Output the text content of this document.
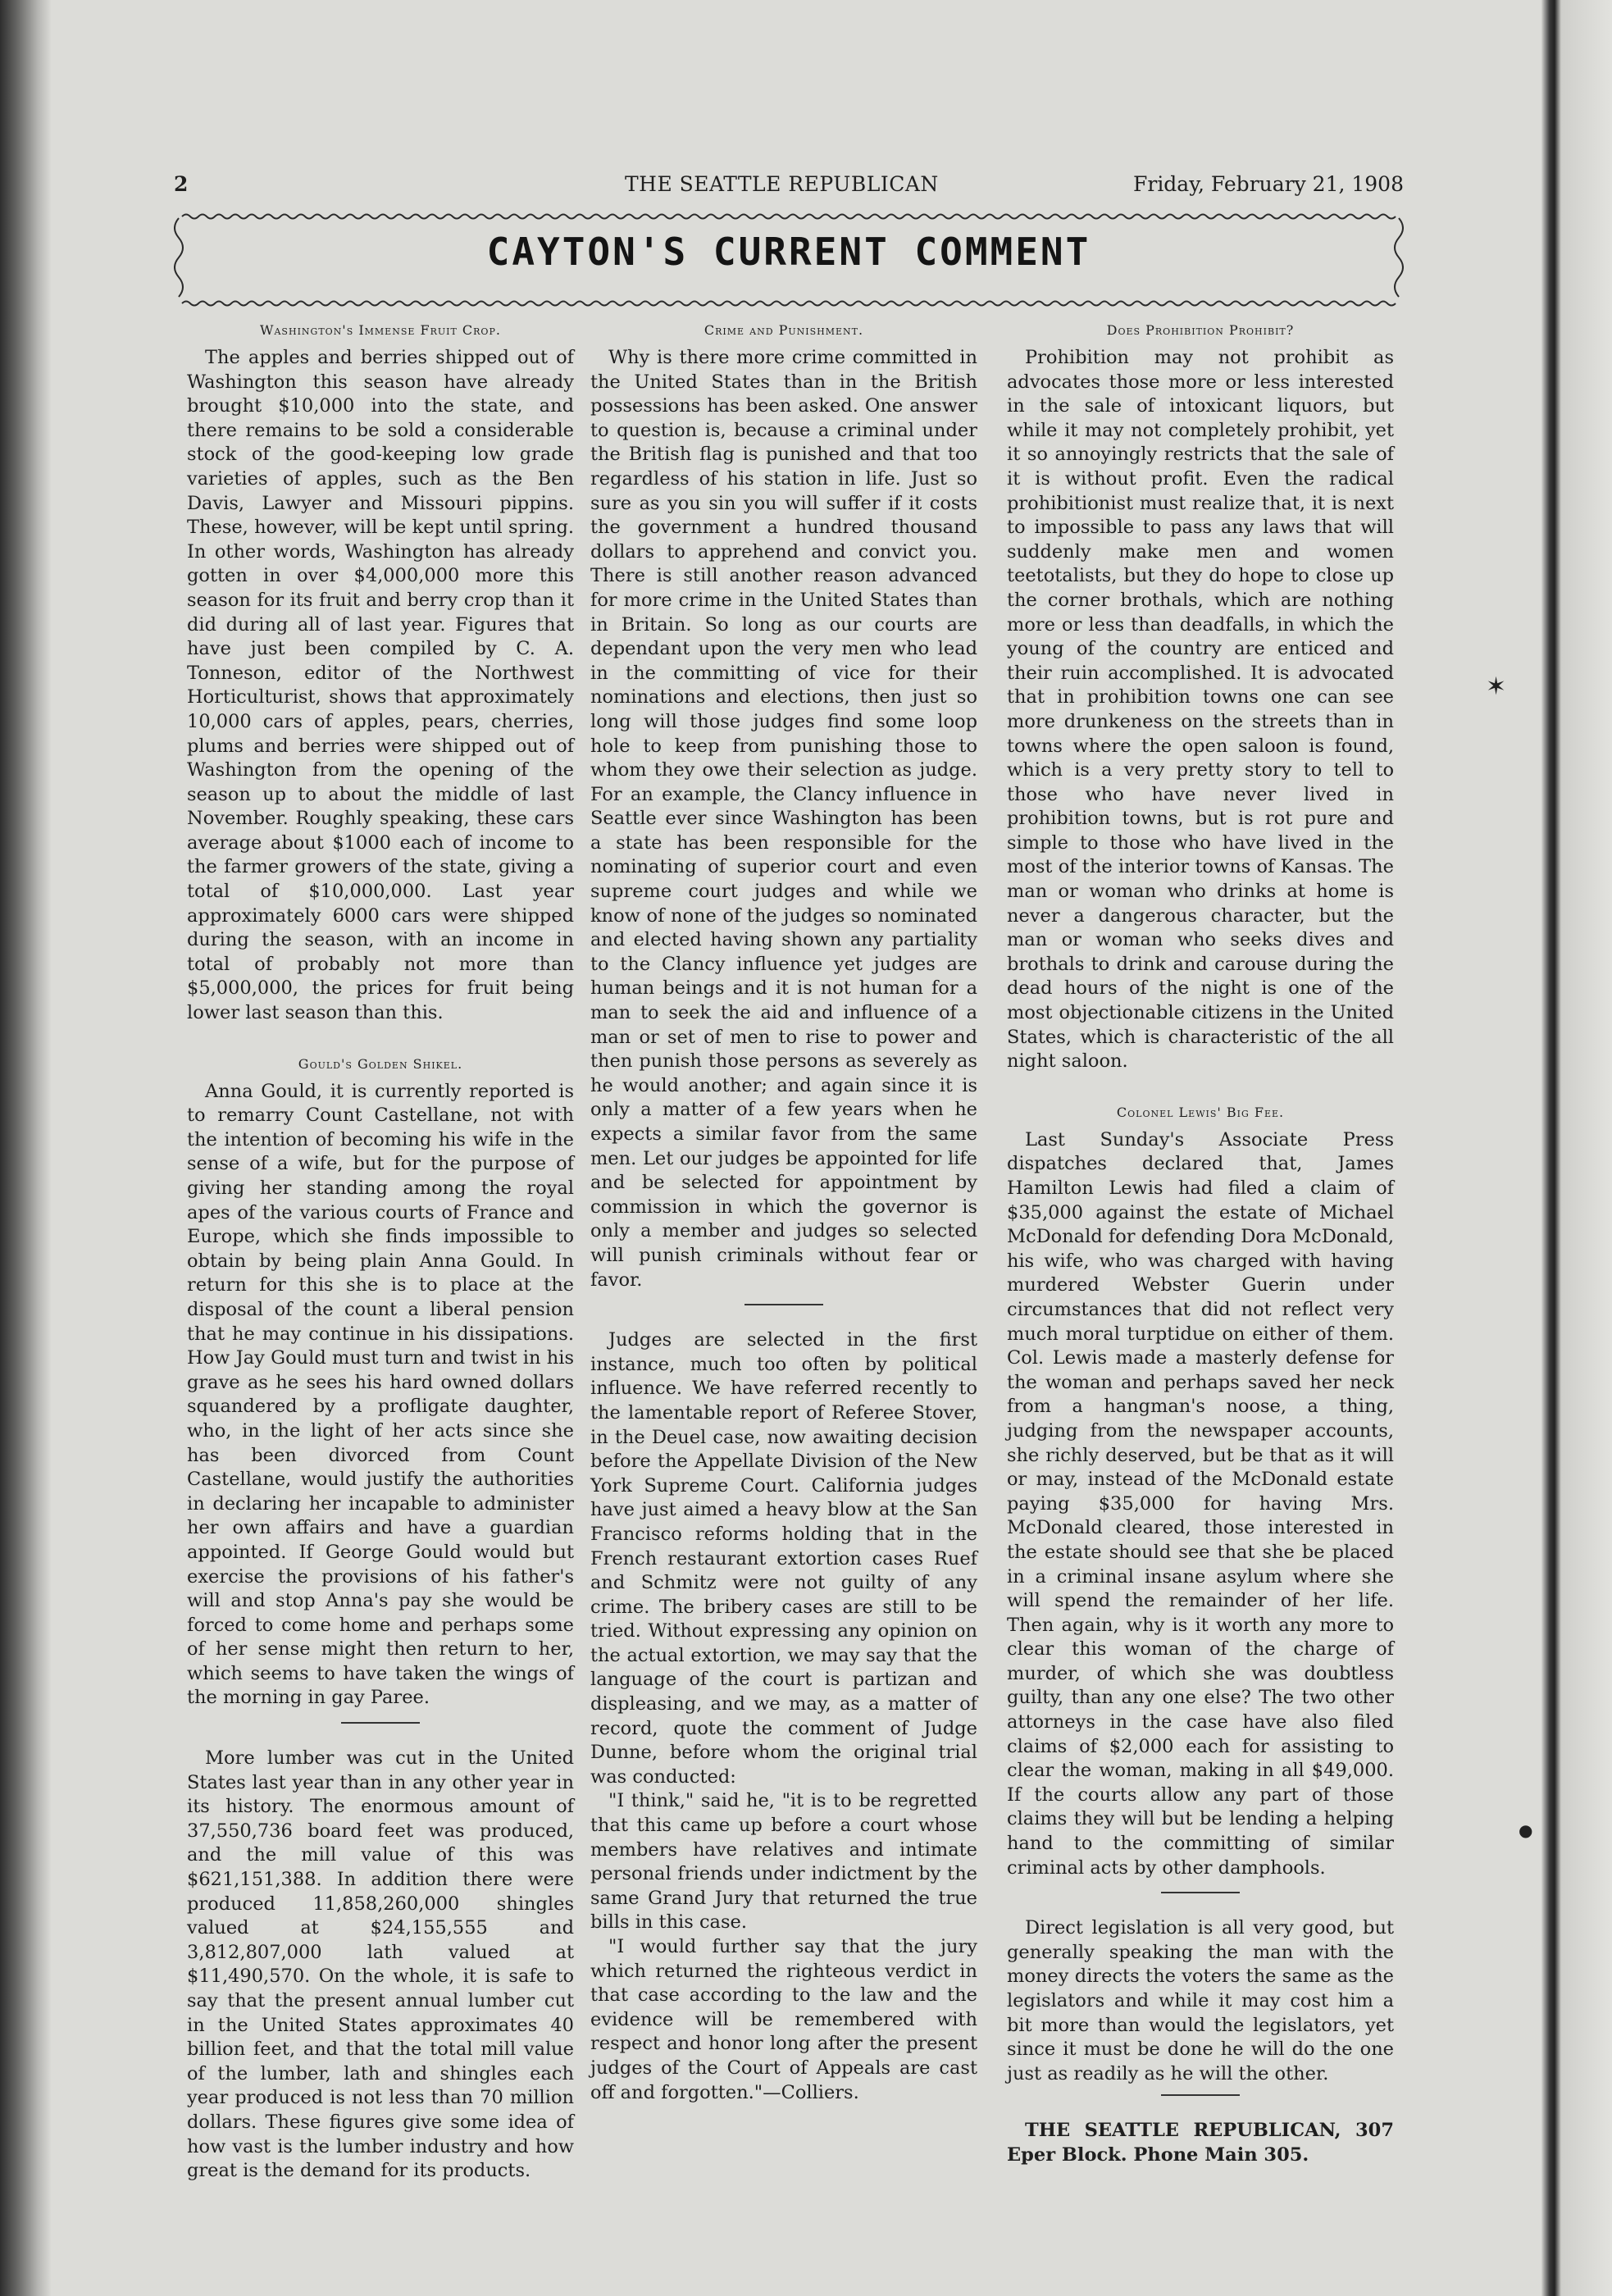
2	THE SEATTLE REPUBLICAN	Friday, February 21, 1908
CAYTON'S CURRENT COMMENT
Washington's Immense Fruit Crop.

The apples and berries shipped out of Washington this season have already brought $10,000 into the state, and there remains to be sold a considerable stock of the good-keeping low grade varieties of apples, such as the Ben Davis, Lawyer and Missouri pippins. These, however, will be kept until spring. In other words, Washington has already gotten in over $4,000,000 more this season for its fruit and berry crop than it did during all of last year. Figures that have just been compiled by C. A. Tonneson, editor of the Northwest Horticulturist, shows that approximately 10,000 cars of apples, pears, cherries, plums and berries were shipped out of Washington from the opening of the season up to about the middle of last November. Roughly speaking, these cars average about $1000 each of income to the farmer growers of the state, giving a total of $10,000,000. Last year approximately 6000 cars were shipped during the season, with an income in total of probably not more than $5,000,000, the prices for fruit being lower last season than this.

Gould's Golden Shikel.

Anna Gould, it is currently reported is to remarry Count Castellane, not with the intention of becoming his wife in the sense of a wife, but for the purpose of giving her standing among the royal apes of the various courts of France and Europe, which she finds impossible to obtain by being plain Anna Gould. In return for this she is to place at the disposal of the count a liberal pension that he may continue in his dissipations. How Jay Gould must turn and twist in his grave as he sees his hard owned dollars squandered by a profligate daughter, who, in the light of her acts since she has been divorced from Count Castellane, would justify the authorities in declaring her incapable to administer her own affairs and have a guardian appointed. If George Gould would but exercise the provisions of his father's will and stop Anna's pay she would be forced to come home and perhaps some of her sense might then return to her, which seems to have taken the wings of the morning in gay Paree.

More lumber was cut in the United States last year than in any other year in its history. The enormous amount of 37,550,736 board feet was produced, and the mill value of this was $621,151,388. In addition there were produced 11,858,260,000 shingles valued at $24,155,555 and 3,812,807,000 lath valued at $11,490,570. On the whole, it is safe to say that the present annual lumber cut in the United States approximates 40 billion feet, and that the total mill value of the lumber, lath and shingles each year produced is not less than 70 million dollars. These figures give some idea of how vast is the lumber industry and how great is the demand for its products.

Crime and Punishment.

Why is there more crime committed in the United States than in the British possessions has been asked. One answer to question is, because a criminal under the British flag is punished and that too regardless of his station in life. Just so sure as you sin you will suffer if it costs the government a hundred thousand dollars to apprehend and convict you. There is still another reason advanced for more crime in the United States than in Britain. So long as our courts are dependant upon the very men who lead in the committing of vice for their nominations and elections, then just so long will those judges find some loop hole to keep from punishing those to whom they owe their selection as judge. For an example, the Clancy influence in Seattle ever since Washington has been a state has been responsible for the nominating of superior court and even supreme court judges and while we know of none of the judges so nominated and elected having shown any partiality to the Clancy influence yet judges are human beings and it is not human for a man to seek the aid and influence of a man or set of men to rise to power and then punish those persons as severely as he would another; and again since it is only a matter of a few years when he expects a similar favor from the same men. Let our judges be appointed for life and be selected for appointment by commission in which the governor is only a member and judges so selected will punish criminals without fear or favor.

Judges are selected in the first instance, much too often by political influence. We have referred recently to the lamentable report of Referee Stover, in the Deuel case, now awaiting decision before the Appellate Division of the New York Supreme Court. California judges have just aimed a heavy blow at the San Francisco reforms holding that in the French restaurant extortion cases Ruef and Schmitz were not guilty of any crime. The bribery cases are still to be tried. Without expressing any opinion on the actual extortion, we may say that the language of the court is partizan and displeasing, and we may, as a matter of record, quote the comment of Judge Dunne, before whom the original trial was conducted:

"I think," said he, "it is to be regretted that this came up before a court whose members have relatives and intimate personal friends under indictment by the same Grand Jury that returned the true bills in this case.

"I would further say that the jury which returned the righteous verdict in that case according to the law and the evidence will be remembered with respect and honor long after the present judges of the Court of Appeals are cast off and forgotten."—Colliers.

Does Prohibition Prohibit?

Prohibition may not prohibit as advocates those more or less interested in the sale of intoxicant liquors, but while it may not completely prohibit, yet it so annoyingly restricts that the sale of it is without profit. Even the radical prohibitionist must realize that, it is next to impossible to pass any laws that will suddenly make men and women teetotalists, but they do hope to close up the corner brothals, which are nothing more or less than deadfalls, in which the young of the country are enticed and their ruin accomplished. It is advocated that in prohibition towns one can see more drunkeness on the streets than in towns where the open saloon is found, which is a very pretty story to tell to those who have never lived in prohibition towns, but is rot pure and simple to those who have lived in the most of the interior towns of Kansas. The man or woman who drinks at home is never a dangerous character, but the man or woman who seeks dives and brothals to drink and carouse during the dead hours of the night is one of the most objectionable citizens in the United States, which is characteristic of the all night saloon.

Colonel Lewis' Big Fee.

Last Sunday's Associate Press dispatches declared that, James Hamilton Lewis had filed a claim of $35,000 against the estate of Michael McDonald for defending Dora McDonald, his wife, who was charged with having murdered Webster Guerin under circumstances that did not reflect very much moral turptidue on either of them. Col. Lewis made a masterly defense for the woman and perhaps saved her neck from a hangman's noose, a thing, judging from the newspaper accounts, she richly deserved, but be that as it will or may, instead of the McDonald estate paying $35,000 for having Mrs. McDonald cleared, those interested in the estate should see that she be placed in a criminal insane asylum where she will spend the remainder of her life. Then again, why is it worth any more to clear this woman of the charge of murder, of which she was doubtless guilty, than any one else? The two other attorneys in the case have also filed claims of $2,000 each for assisting to clear the woman, making in all $49,000. If the courts allow any part of those claims they will but be lending a helping hand to the committing of similar criminal acts by other damphools.

Direct legislation is all very good, but generally speaking the man with the money directs the voters the same as the legislators and while it may cost him a bit more than would the legislators, yet since it must be done he will do the one just as readily as he will the other.

THE SEATTLE REPUBLICAN, 307 Eper Block. Phone Main 305.

✶
●
